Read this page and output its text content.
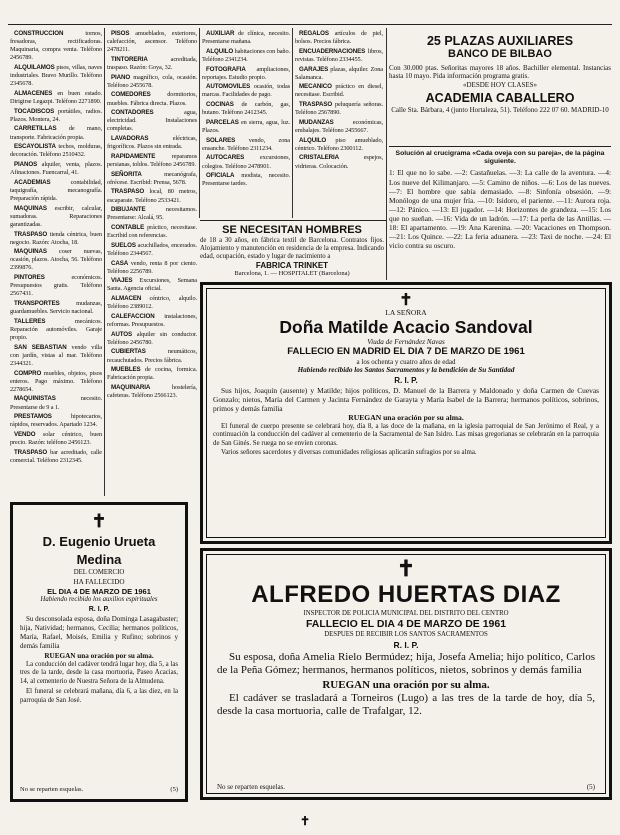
CONSTRUCCION	tornos, fresadoras, rectificadoras. Maquinaria, compra venta. Teléfono 2456789.

ALQUILAMOS pisos, villas, naves industriales. Bravo Murillo. Teléfono 2345678.

ALMACENES en buen estado. Dirigirse Legazpi. Teléfono 2271890.

TOCADISCOS portátiles, radios. Plazos. Montera, 24.

CARRETILLAS de mano, transporte. Fabricación propia.

ESCAYOLISTA techos, molduras, decoración. Teléfono 2510432.

PIANOS alquiler, venta, plazos. Afinaciones. Fuencarral, 41.

ACADEMIAS	contabilidad, taquigrafía, mecanografía. Preparación rápida.

MAQUINAS escribir, calcular, sumadoras. Reparaciones garantizadas.

TRASPASO tienda céntrica, buen negocio. Razón: Atocha, 18.

MAQUINAS coser nuevas, ocasión, plazos. Atocha, 56. Teléfono 2399876.

PINTORES	económicos. Presupuestos gratis. Teléfono 2567431.

TRANSPORTES	mudanzas, guardamuebles. Servicio nacional.

TALLERES	mecánicos. Reparación automóviles. Garaje propio.

SAN SEBASTIAN vendo villa con jardín, vistas al mar. Teléfono 2344321.

COMPRO muebles, objetos, pisos enteros. Pago máximo. Teléfono 2278654.

MAQUINISTAS	necesito. Presentarse de 9 a 1.

PRESTAMOS	hipotecarios, rápidos, reservados. Apartado 1234.

VENDO solar céntrico, buen precio. Razón: teléfono 2456123.

TRASPASO bar acreditado, calle comercial. Teléfono 2312345.

PISOS amueblados, exteriores, calefacción, ascensor. Teléfono 2478211.

TINTORERIA	acreditada, traspaso. Razón: Goya, 32.

PIANO magnífico, cola, ocasión. Teléfono 2455678.

COMEDORES	dormitorios, muebles. Fábrica directa. Plazos.

CONTADORES	agua, electricidad. Instalaciones completas.

LAVADORAS	eléctricas, frigoríficos. Plazos sin entrada.

RAPIDAMENTE	reparamos persianas, toldos. Teléfono 2456789.

SEÑORITA	mecanógrafa, ofrécese. Escribid: Prensa, 5678.

TRASPASO local, 80 metros, escaparate. Teléfono 2533421.

DIBUJANTE	necesitamos. Presentarse: Alcalá, 95.

CONTABLE práctico, necesitase. Escribid con referencias.

SUELOS acuchillados, encerados. Teléfono 2344567.

CASA vendo, renta 8 por ciento. Teléfono 2256789.

VIAJES Excursiones, Semana Santa. Agencia oficial.

ALMACEN céntrico, alquilo. Teléfono 2389012.

CALEFACCION instalaciones, reformas. Presupuestos.

AUTOS alquiler sin conductor. Teléfono 2456780.

CUBIERTAS	neumáticos, recauchutados. Precios fábrica.

MUEBLES de cocina, formica. Fabricación propia.

MAQUINARIA	hostelería, cafeteras. Teléfono 2566123.

AUXILIAR de clínica, necesito. Presentarse mañana.

ALQUILO habitaciones con baño. Teléfono 2341234.

FOTOGRAFIA ampliaciones, reportajes. Estudio propio.

AUTOMOVILES ocasión, todas marcas. Facilidades de pago.

COCINAS de carbón, gas, butano. Teléfono 2412345.

PARCELAS en sierra, agua, luz. Plazos.

SOLARES vendo, zona ensanche. Teléfono 2311234.

AUTOCARES excursiones, colegios. Teléfono 2478901.

OFICIALA modista, necesito. Presentarse tardes.

REGALOS artículos de piel, bolsos. Precios fábrica.

ENCUADERNACIONES libros, revistas. Teléfono 2334455.

GARAJES plazas, alquiler. Zona Salamanca.

MECANICO práctico en diesel, necesitase. Escribid.

TRASPASO peluquería señoras. Teléfono 2567890.

MUDANZAS	económicas, embalajes. Teléfono 2455667.

ALQUILO piso amueblado, céntrico. Teléfono 2300112.

CRISTALERIA	espejos, vidrieras. Colocación.

25 PLAZAS AUXILIARES
BANCO DE BILBAO
Con 30.000 ptas. Señoritas mayores 18 años. Bachiller elemental. Instancias hasta 10 mayo. Pida información programa gratis.
«DESDE HOY CLASES»
ACADEMIA CABALLERO
Calle Sta. Bárbara, 4 (junto Hortaleza, 51). Teléfono 222 07 60. MADRID-10
Solución al crucigrama «Cada oveja con su pareja», de la página siguiente.
1: El que no lo sabe. —2: Castañuelas. —3: La calle de la aventura. —4: Los nueve del Kilimanjaro. —5: Camino de niños. —6: Los de las nueves. —7: El hombre que sabía demasiado. —8: Sinfonía obsesión. —9: Monólogo de una mujer fría. —10: Isidoro, el pariente. —11: Aurora roja. —12: Pánico. —13: El jugador. —14: Horizontes de grandeza. —15: Los que no sueñan. —16: Vida de un ladrón. —17: La perla de las Antillas. —18: El apartamento. —19: Ana Karenina. —20: Vacaciones en Thompson. —21: Los Quince. —22: La feria aduanera. —23: Taxi de noche. —24: El vicio contra su oscuro.
SE NECESITAN HOMBRES
de 18 a 30 años, en fábrica textil de Barcelona. Contratos fijos. Alojamiento y manutención en residencia de la empresa. Indicando edad, ocupación, estado y lugar de nacimiento a
FABRICA TRINKET
Barcelona, 1. — HOSPITALET (Barcelona)
✝
LA SEÑORA
Doña Matilde Acacio Sandoval
Viuda de Fernández Navas
FALLECIO EN MADRID EL DIA 7 DE MARZO DE 1961
a los ochenta y cuatro años de edad
Habiendo recibido los Santos Sacramentos y la bendición de Su Santidad
R. I. P.
Sus hijos, Joaquín (ausente) y Matilde; hijos políticos, D. Manuel de la Barrera y Maldonado y doña Carmen de Cuevas Gonzalo; nietos, María del Carmen y Jacinta Fernández de Garayta y María Isabel de la Barrera; hermanos políticos, sobrinos, primos y demás familia
RUEGAN una oración por su alma.
El funeral de cuerpo presente se celebrará hoy, día 8, a las doce de la mañana, en la iglesia parroquial de San Jerónimo el Real, y a continuación la conducción del cadáver al cementerio de la Sacramental de San Isidro. Las misas gregorianas se celebrarán en la parroquia de San Ginés. Se ruega no se envíen coronas.
Varios señores sacerdotes y diversas comunidades religiosas aplicarán sufragios por su alma.
✝
ALFREDO HUERTAS DIAZ
INSPECTOR DE POLICIA MUNICIPAL DEL DISTRITO DEL CENTRO
FALLECIO EL DIA 4 DE MARZO DE 1961
DESPUES DE RECIBIR LOS SANTOS SACRAMENTOS
R. I. P.
Su esposa, doña Amelia Rielo Bermúdez; hija, Josefa Amelia; hijo político, Carlos de la Peña Gómez; hermanos, hermanos políticos, nietos, sobrinos y demás familia
RUEGAN una oración por su alma.
El cadáver se trasladará a Torneiros (Lugo) a las tres de la tarde de hoy, día 5, desde la casa mortuoria, calle de Trafalgar, 12.
No se reparten esquelas.	(5)
✝
D. Eugenio Urueta Medina
DEL COMERCIO
HA FALLECIDO
EL DIA 4 DE MARZO DE 1961
Habiendo recibido los auxilios espirituales
R. I. P.
Su desconsolada esposa, doña Dominga Lasagabaster; hija, Natividad; hermanos, Cecilia; hermanos políticos, María, Rafael, Moisés, Emilia y Rufino; sobrinos y demás familia
RUEGAN una oración por su alma.
La conducción del cadáver tendrá lugar hoy, día 5, a las tres de la tarde, desde la casa mortuoria, Paseo Acacias, 14, al cementerio de Nuestra Señora de la Almudena.
El funeral se celebrará mañana, día 6, a las diez, en la parroquia de San José.
No se reparten esquelas.	(5)
✝
